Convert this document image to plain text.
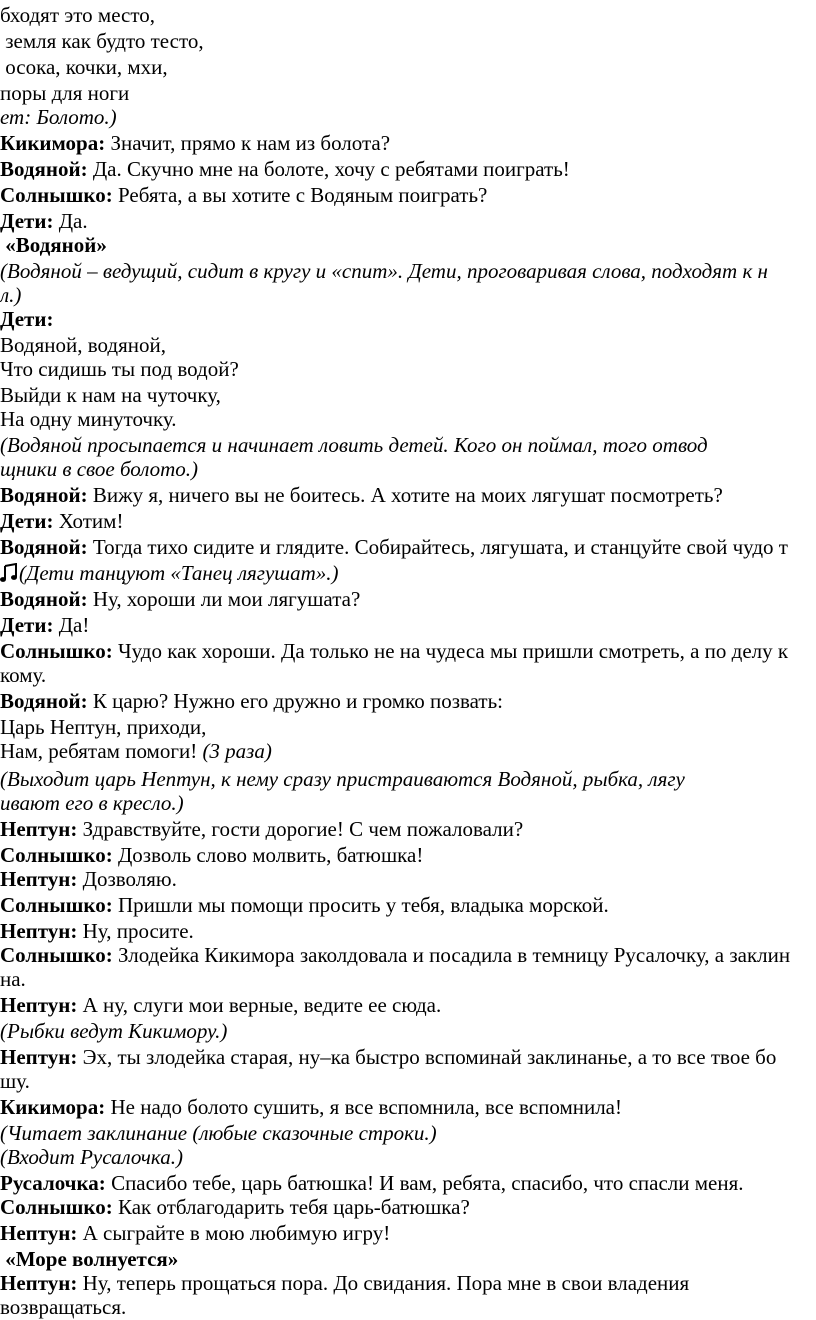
бходят это место,
земля как будто тесто,
осока, кочки, мхи,
поры для ноги
ет: Болото.)
Кикимора: Значит, прямо к нам из болота?
Водяной: Да. Скучно мне на болоте, хочу с ребятами поиграть!
Солнышко: Ребята, а вы хотите с Водяным поиграть?
Дети: Да.
«Водяной»
(Водяной – ведущий, сидит в кругу и «спит». Дети, проговаривая слова, подходят к н
л.)
Дети:
Водяной, водяной,
Что сидишь ты под водой?
Выйди к нам на чуточку,
На одну минуточку.
(Водяной просыпается и начинает ловить детей. Кого он поймал, того отвод
щники в свое болото.)
Водяной: Вижу я, ничего вы не боитесь. А хотите на моих лягушат посмотреть?
Дети: Хотим!
Водяной: Тогда тихо сидите и глядите. Собирайтесь, лягушата, и станцуйте свой чудо т
(Дети танцуют «Танец лягушат».)
Водяной: Ну, хороши ли мои лягушата?
Дети: Да!
Солнышко: Чудо как хороши. Да только не на чудеса мы пришли смотреть, а по делу к
кому.
Водяной: К царю? Нужно его дружно и громко позвать:
Царь Нептун, приходи,
Нам, ребятам помоги! (3 раза)
(Выходит царь Нептун, к нему сразу пристраиваются Водяной, рыбка, лягу
ивают его в кресло.)
Нептун: Здравствуйте, гости дорогие! С чем пожаловали?
Солнышко: Дозволь слово молвить, батюшка!
Нептун: Дозволяю.
Солнышко: Пришли мы помощи просить у тебя, владыка морской.
Нептун: Ну, просите.
Солнышко: Злодейка Кикимора заколдовала и посадила в темницу Русалочку, а заклин
на.
Нептун: А ну, слуги мои верные, ведите ее сюда.
(Рыбки ведут Кикимору.)
Нептун: Эх, ты злодейка старая, ну–ка быстро вспоминай заклинанье, а то все твое бо
шу.
Кикимора: Не надо болото сушить, я все вспомнила, все вспомнила!
(Читает заклинание (любые сказочные строки.)
(Входит Русалочка.)
Русалочка: Спасибо тебе, царь батюшка! И вам, ребята, спасибо, что спасли меня.
Солнышко: Как отблагодарить тебя царь-батюшка?
Нептун: А сыграйте в мою любимую игру!
«Море волнуется»
Нептун: Ну, теперь прощаться пора. До свидания. Пора мне в свои владения
возвращаться.
